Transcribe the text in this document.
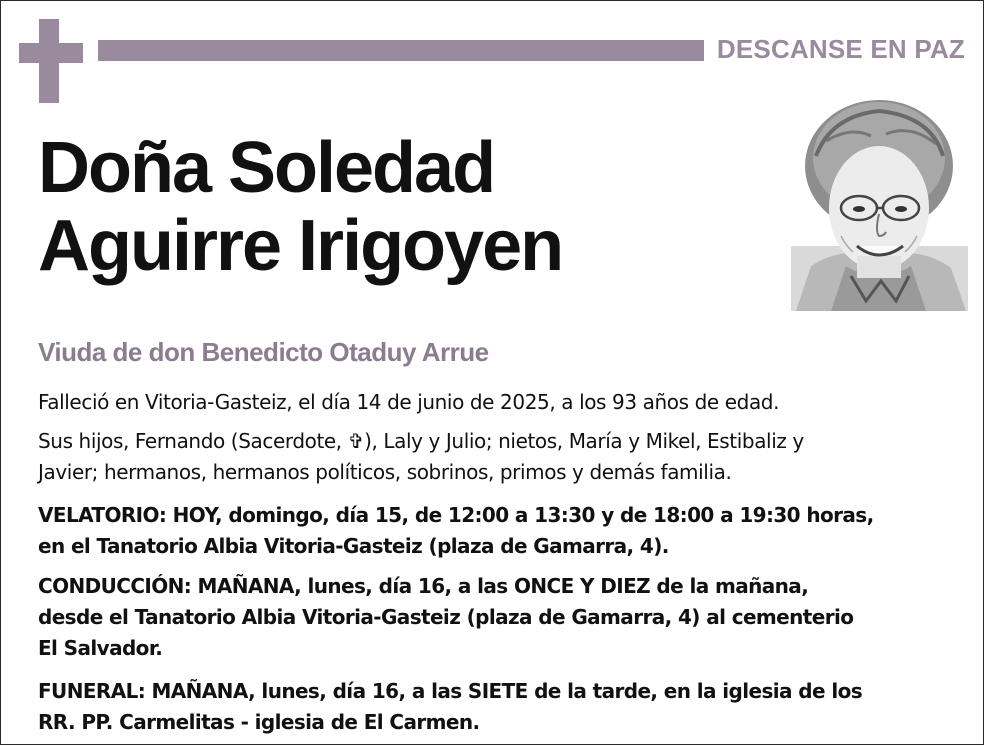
DESCANSE EN PAZ
Doña Soledad
Aguirre Irigoyen

Viuda de don Benedicto Otaduy Arrue

Falleció en Vitoria-Gasteiz, el día 14 de junio de 2025, a los 93 años de edad.

Sus hijos, Fernando (Sacerdote, ✞), Laly y Julio; nietos, María y Mikel, Estibaliz y
Javier; hermanos, hermanos políticos, sobrinos, primos y demás familia.

VELATORIO: HOY, domingo, día 15, de 12:00 a 13:30 y de 18:00 a 19:30 horas,
en el Tanatorio Albia Vitoria-Gasteiz (plaza de Gamarra, 4).

CONDUCCIÓN: MAÑANA, lunes, día 16, a las ONCE Y DIEZ de la mañana,
desde el Tanatorio Albia Vitoria-Gasteiz (plaza de Gamarra, 4) al cementerio
El Salvador.

FUNERAL: MAÑANA, lunes, día 16, a las SIETE de la tarde, en la iglesia de los
RR. PP. Carmelitas - iglesia de El Carmen.
